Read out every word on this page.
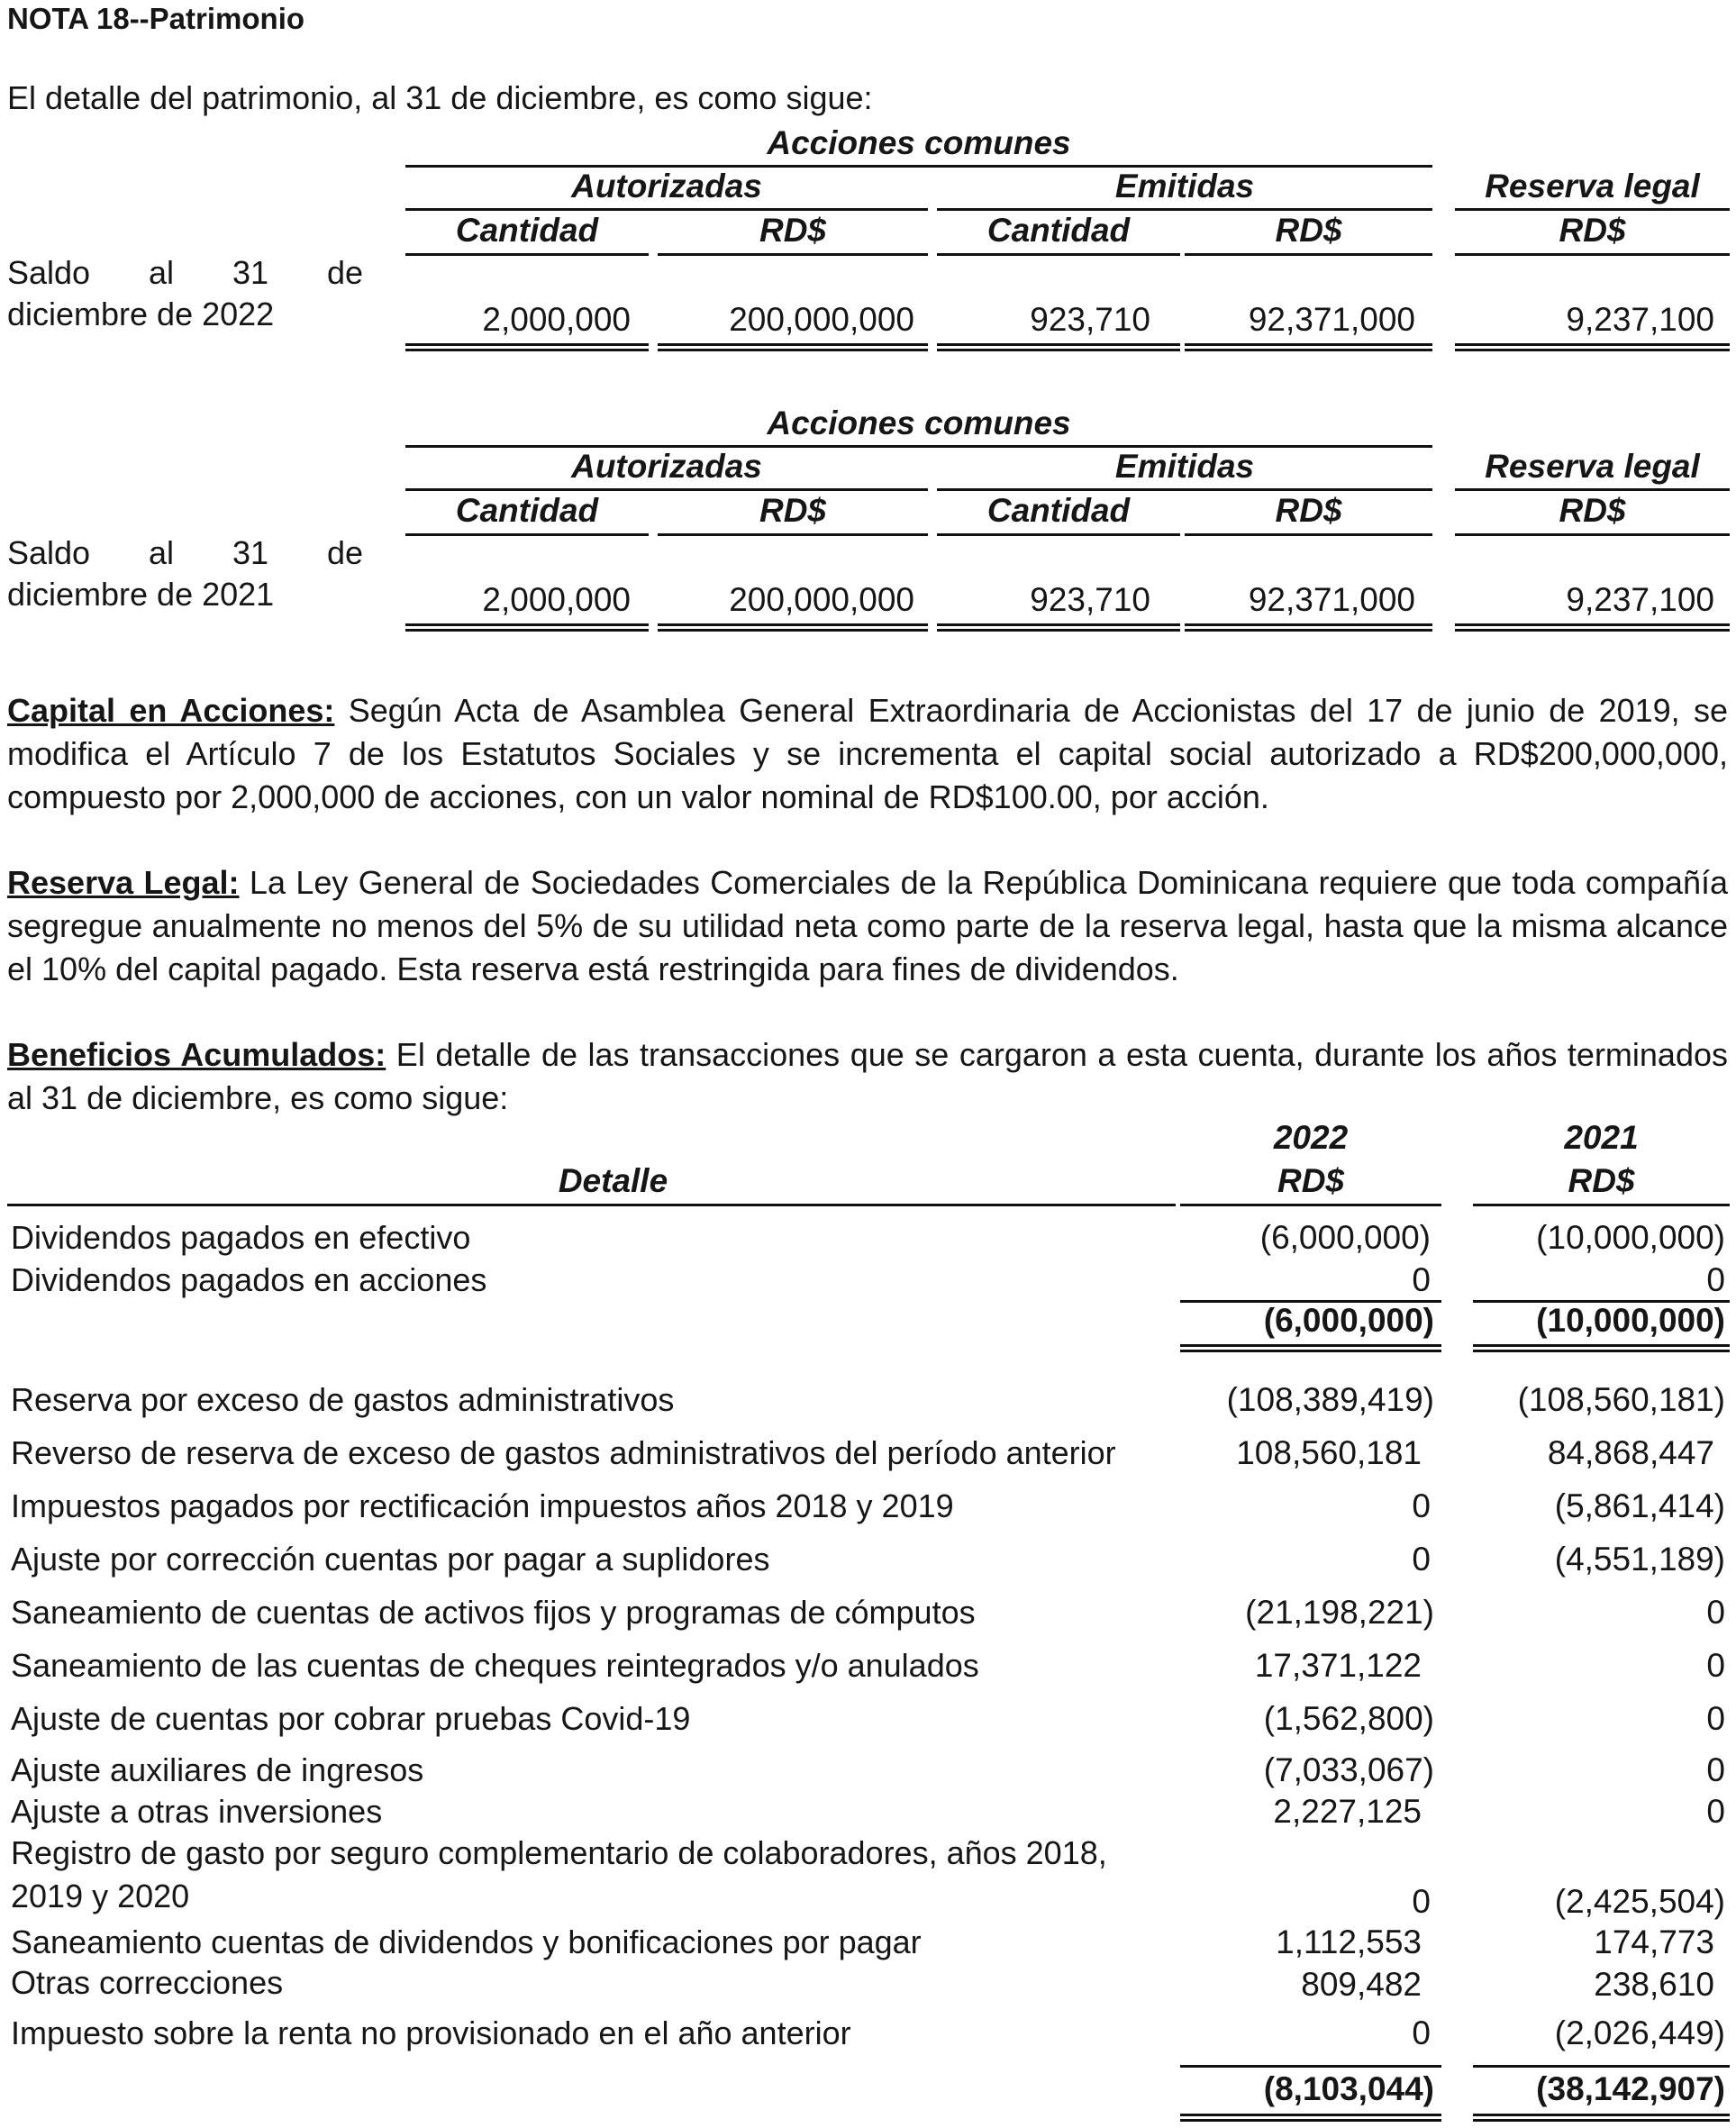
NOTA 18--Patrimonio
El detalle del patrimonio, al 31 de diciembre, es como sigue:
Acciones comunes
Autorizadas	Emitidas	Reserva legal
Cantidad	RD$	Cantidad	RD$	RD$
Saldo al 31 de
diciembre de 2022	2,000,000	200,000,000	923,710	92,371,000	9,237,100
Acciones comunes
Autorizadas	Emitidas	Reserva legal
Cantidad	RD$	Cantidad	RD$	RD$
Saldo al 31 de
diciembre de 2021	2,000,000	200,000,000	923,710	92,371,000	9,237,100
Capital en Acciones: Según Acta de Asamblea General Extraordinaria de Accionistas del 17 de junio de 2019, se modifica el Artículo 7 de los Estatutos Sociales y se incrementa el capital social autorizado a RD$200,000,000, compuesto por 2,000,000 de acciones, con un valor nominal de RD$100.00, por acción.
Reserva Legal: La Ley General de Sociedades Comerciales de la República Dominicana requiere que toda compañía segregue anualmente no menos del 5% de su utilidad neta como parte de la reserva legal, hasta que la misma alcance el 10% del capital pagado. Esta reserva está restringida para fines de dividendos.
Beneficios Acumulados: El detalle de las transacciones que se cargaron a esta cuenta, durante los años terminados al 31 de diciembre, es como sigue:
2022	2021
Detalle	RD$	RD$
Dividendos pagados en efectivo	(6,000,000)	(10,000,000)
Dividendos pagados en acciones	0	0
(6,000,000)	(10,000,000)
Reserva por exceso de gastos administrativos	(108,389,419)	(108,560,181)
Reverso de reserva de exceso de gastos administrativos del período anterior	108,560,181	84,868,447
Impuestos pagados por rectificación impuestos años 2018 y 2019	0	(5,861,414)
Ajuste por corrección cuentas por pagar a suplidores	0	(4,551,189)
Saneamiento de cuentas de activos fijos y programas de cómputos	(21,198,221)	0
Saneamiento de las cuentas de cheques reintegrados y/o anulados	17,371,122	0
Ajuste de cuentas por cobrar pruebas Covid-19	(1,562,800)	0
Ajuste auxiliares de ingresos	(7,033,067)	0
Ajuste a otras inversiones	2,227,125	0
Registro de gasto por seguro complementario de colaboradores, años 2018,
2019 y 2020	0	(2,425,504)
Saneamiento cuentas de dividendos y bonificaciones por pagar	1,112,553	174,773
Otras correcciones	809,482	238,610
Impuesto sobre la renta no provisionado en el año anterior	0	(2,026,449)
(8,103,044)	(38,142,907)
